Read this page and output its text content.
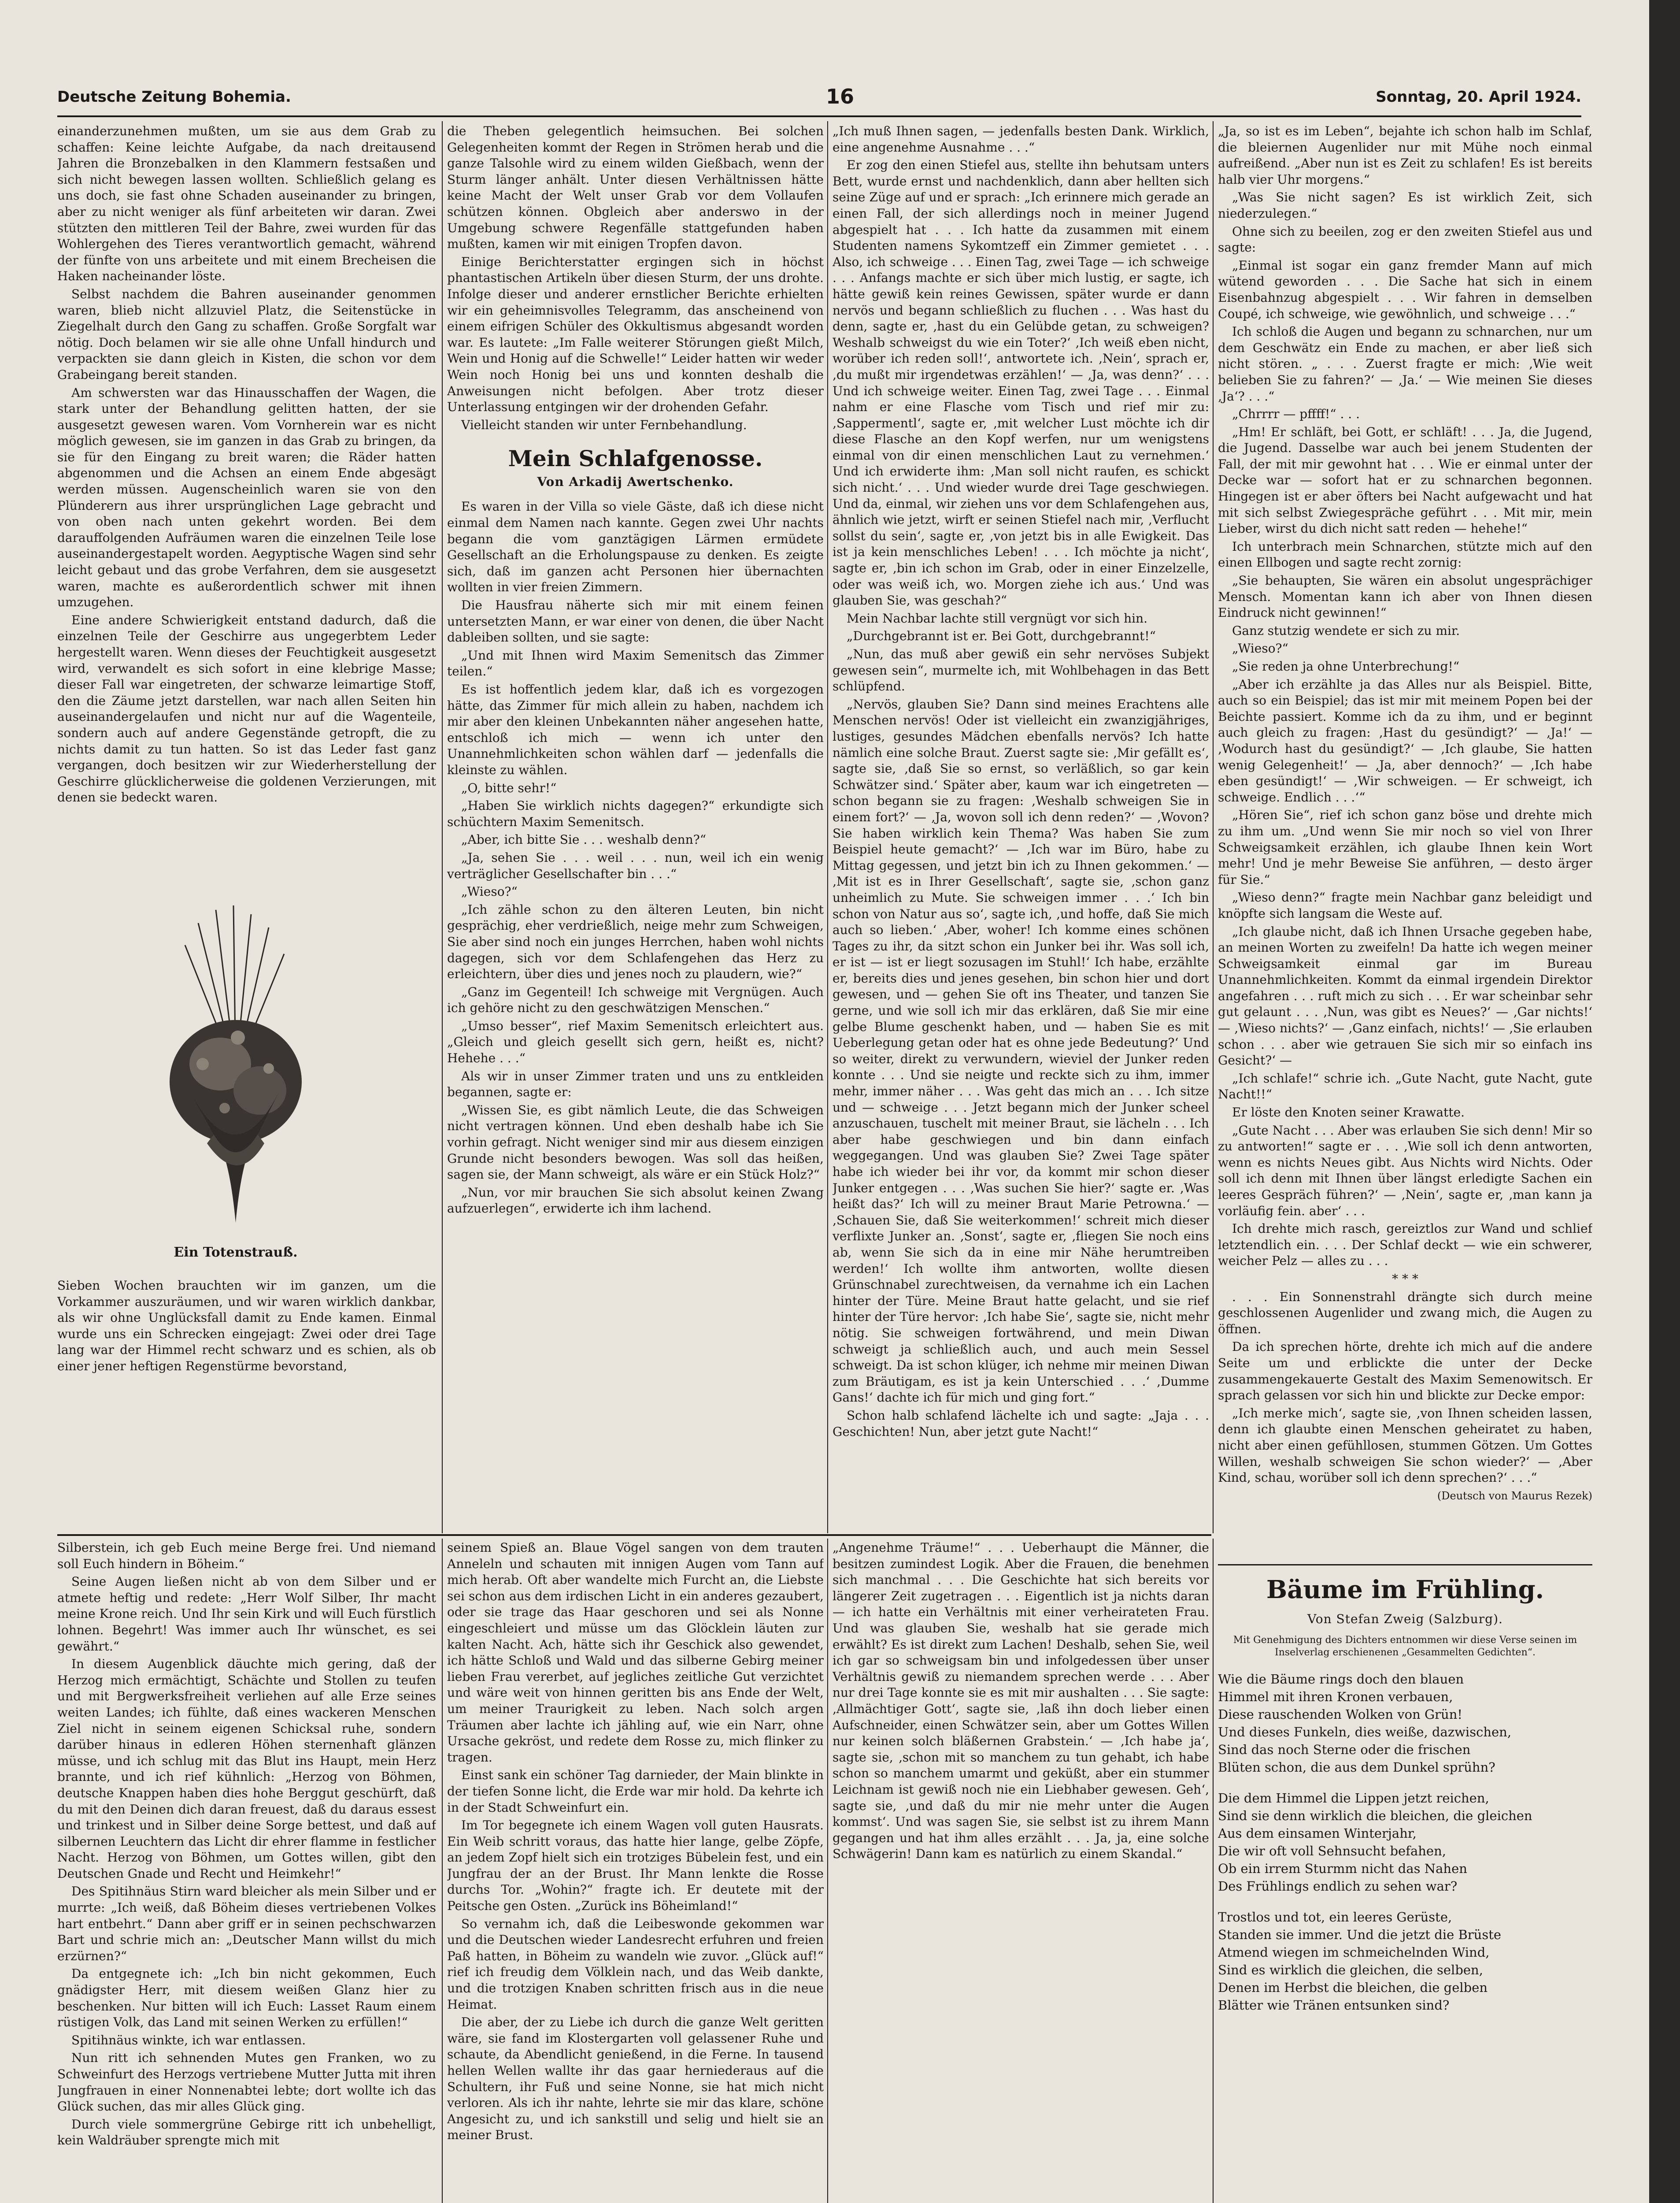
Deutsche Zeitung Bohemia.	16	Sonntag, 20. April 1924.

einanderzunehmen mußten, um sie aus dem Grab zu schaffen: Keine leichte Aufgabe, da nach dreitausend Jahren die Bronzebalken in den Klammern festsaßen und sich nicht bewegen lassen wollten. Schließlich gelang es uns doch, sie fast ohne Schaden auseinander zu bringen, aber zu nicht weniger als fünf arbeiteten wir daran. Zwei stützten den mittleren Teil der Bahre, zwei wurden für das Wohlergehen des Tieres verantwortlich gemacht, während der fünfte von uns arbeitete und mit einem Brecheisen die Haken nacheinander löste.

Selbst nachdem die Bahren auseinander genommen waren, blieb nicht allzuviel Platz, die Seitenstücke in Ziegelhalt durch den Gang zu schaffen. Große Sorgfalt war nötig. Doch belamen wir sie alle ohne Unfall hindurch und verpackten sie dann gleich in Kisten, die schon vor dem Grabeingang bereit standen.

Am schwersten war das Hinausschaffen der Wagen, die stark unter der Behandlung gelitten hatten, der sie ausgesetzt gewesen waren. Vom Vornherein war es nicht möglich gewesen, sie im ganzen in das Grab zu bringen, da sie für den Eingang zu breit waren; die Räder hatten abgenommen und die Achsen an einem Ende abgesägt werden müssen. Augenscheinlich waren sie von den Plünderern aus ihrer ursprünglichen Lage gebracht und von oben nach unten gekehrt worden. Bei dem darauffolgenden Aufräumen waren die einzelnen Teile lose auseinandergestapelt worden. Aegyptische Wagen sind sehr leicht gebaut und das grobe Verfahren, dem sie ausgesetzt waren, machte es außerordentlich schwer mit ihnen umzugehen.

Eine andere Schwierigkeit entstand dadurch, daß die einzelnen Teile der Geschirre aus ungegerbtem Leder hergestellt waren. Wenn dieses der Feuchtigkeit ausgesetzt wird, verwandelt es sich sofort in eine klebrige Masse; dieser Fall war eingetreten, der schwarze leimartige Stoff, den die Zäume jetzt darstellen, war nach allen Seiten hin auseinandergelaufen und nicht nur auf die Wagenteile, sondern auch auf andere Gegenstände getropft, die zu nichts damit zu tun hatten. So ist das Leder fast ganz vergangen, doch besitzen wir zur Wiederherstellung der Geschirre glücklicherweise die goldenen Verzierungen, mit denen sie bedeckt waren.

Ein Totenstrauß.

Sieben Wochen brauchten wir im ganzen, um die Vorkammer auszuräumen, und wir waren wirklich dankbar, als wir ohne Unglücksfall damit zu Ende kamen. Einmal wurde uns ein Schrecken eingejagt: Zwei oder drei Tage lang war der Himmel recht schwarz und es schien, als ob einer jener heftigen Regenstürme bevorstand,

die Theben gelegentlich heimsuchen. Bei solchen Gelegenheiten kommt der Regen in Strömen herab und die ganze Talsohle wird zu einem wilden Gießbach, wenn der Sturm länger anhält. Unter diesen Verhältnissen hätte keine Macht der Welt unser Grab vor dem Vollaufen schützen können. Obgleich aber anderswo in der Umgebung schwere Regenfälle stattgefunden haben mußten, kamen wir mit einigen Tropfen davon.

Einige Berichterstatter ergingen sich in höchst phantastischen Artikeln über diesen Sturm, der uns drohte. Infolge dieser und anderer ernstlicher Berichte erhielten wir ein geheimnisvolles Telegramm, das anscheinend von einem eifrigen Schüler des Okkultismus abgesandt worden war. Es lautete: „Im Falle weiterer Störungen gießt Milch, Wein und Honig auf die Schwelle!“ Leider hatten wir weder Wein noch Honig bei uns und konnten deshalb die Anweisungen nicht befolgen. Aber trotz dieser Unterlassung entgingen wir der drohenden Gefahr.

Vielleicht standen wir unter Fernbehandlung.

Mein Schlafgenosse.
Von Arkadij Awertschenko.

Es waren in der Villa so viele Gäste, daß ich diese nicht einmal dem Namen nach kannte. Gegen zwei Uhr nachts begann die vom ganztägigen Lärmen ermüdete Gesellschaft an die Erholungspause zu denken. Es zeigte sich, daß im ganzen acht Personen hier übernachten wollten in vier freien Zimmern.

Die Hausfrau näherte sich mir mit einem feinen untersetzten Mann, er war einer von denen, die über Nacht dableiben sollten, und sie sagte:

„Und mit Ihnen wird Maxim Semenitsch das Zimmer teilen.“

Es ist hoffentlich jedem klar, daß ich es vorgezogen hätte, das Zimmer für mich allein zu haben, nachdem ich mir aber den kleinen Unbekannten näher angesehen hatte, entschloß ich mich — wenn ich unter den Unannehmlichkeiten schon wählen darf — jedenfalls die kleinste zu wählen.

„O, bitte sehr!“

„Haben Sie wirklich nichts dagegen?“ erkundigte sich schüchtern Maxim Semenitsch.

„Aber, ich bitte Sie . . . weshalb denn?“

„Ja, sehen Sie . . . weil . . . nun, weil ich ein wenig verträglicher Gesellschafter bin . . .“

„Wieso?“

„Ich zähle schon zu den älteren Leuten, bin nicht gesprächig, eher verdrießlich, neige mehr zum Schweigen, Sie aber sind noch ein junges Herrchen, haben wohl nichts dagegen, sich vor dem Schlafengehen das Herz zu erleichtern, über dies und jenes noch zu plaudern, wie?“

„Ganz im Gegenteil! Ich schweige mit Vergnügen. Auch ich gehöre nicht zu den geschwätzigen Menschen.“

„Umso besser“, rief Maxim Semenitsch erleichtert aus. „Gleich und gleich gesellt sich gern, heißt es, nicht? Hehehe . . .“

Als wir in unser Zimmer traten und uns zu entkleiden begannen, sagte er:

„Wissen Sie, es gibt nämlich Leute, die das Schweigen nicht vertragen können. Und eben deshalb habe ich Sie vorhin gefragt. Nicht weniger sind mir aus diesem einzigen Grunde nicht besonders bewogen. Was soll das heißen, sagen sie, der Mann schweigt, als wäre er ein Stück Holz?“

„Nun, vor mir brauchen Sie sich absolut keinen Zwang aufzuerlegen“, erwiderte ich ihm lachend.

„Ich muß Ihnen sagen, — jedenfalls besten Dank. Wirklich, eine angenehme Ausnahme . . .“

Er zog den einen Stiefel aus, stellte ihn behutsam unters Bett, wurde ernst und nachdenklich, dann aber hellten sich seine Züge auf und er sprach: „Ich erinnere mich gerade an einen Fall, der sich allerdings noch in meiner Jugend abgespielt hat . . . Ich hatte da zusammen mit einem Studenten namens Sykomtzeff ein Zimmer gemietet . . . Also, ich schweige . . . Einen Tag, zwei Tage — ich schweige . . . Anfangs machte er sich über mich lustig, er sagte, ich hätte gewiß kein reines Gewissen, später wurde er dann nervös und begann schließlich zu fluchen . . . Was hast du denn, sagte er, ‚hast du ein Gelübde getan, zu schweigen? Weshalb schweigst du wie ein Toter?‘ ‚Ich weiß eben nicht, worüber ich reden soll!‘, antwortete ich. ‚Nein‘, sprach er, ‚du mußt mir irgendetwas erzählen!‘ — ‚Ja, was denn?‘ . . . Und ich schweige weiter. Einen Tag, zwei Tage . . . Einmal nahm er eine Flasche vom Tisch und rief mir zu: ‚Sappermentl‘, sagte er, ‚mit welcher Lust möchte ich dir diese Flasche an den Kopf werfen, nur um wenigstens einmal von dir einen menschlichen Laut zu vernehmen.‘ Und ich erwiderte ihm: ‚Man soll nicht raufen, es schickt sich nicht.‘ . . . Und wieder wurde drei Tage geschwiegen. Und da, einmal, wir ziehen uns vor dem Schlafengehen aus, ähnlich wie jetzt, wirft er seinen Stiefel nach mir, ‚Verflucht sollst du sein‘, sagte er, ‚von jetzt bis in alle Ewigkeit. Das ist ja kein menschliches Leben! . . . Ich möchte ja nicht‘, sagte er, ‚bin ich schon im Grab, oder in einer Einzelzelle, oder was weiß ich, wo. Morgen ziehe ich aus.‘ Und was glauben Sie, was geschah?“

Mein Nachbar lachte still vergnügt vor sich hin.

„Durchgebrannt ist er. Bei Gott, durchgebrannt!“

„Nun, das muß aber gewiß ein sehr nervöses Subjekt gewesen sein“, murmelte ich, mit Wohlbehagen in das Bett schlüpfend.

„Nervös, glauben Sie? Dann sind meines Erachtens alle Menschen nervös! Oder ist vielleicht ein zwanzigjähriges, lustiges, gesundes Mädchen ebenfalls nervös? Ich hatte nämlich eine solche Braut. Zuerst sagte sie: ‚Mir gefällt es‘, sagte sie, ‚daß Sie so ernst, so verläßlich, so gar kein Schwätzer sind.‘ Später aber, kaum war ich eingetreten — schon begann sie zu fragen: ‚Weshalb schweigen Sie in einem fort?‘ — ‚Ja, wovon soll ich denn reden?‘ — ‚Wovon? Sie haben wirklich kein Thema? Was haben Sie zum Beispiel heute gemacht?‘ — ‚Ich war im Büro, habe zu Mittag gegessen, und jetzt bin ich zu Ihnen gekommen.‘ — ‚Mit ist es in Ihrer Gesellschaft‘, sagte sie, ‚schon ganz unheimlich zu Mute. Sie schweigen immer . . .‘ Ich bin schon von Natur aus so‘, sagte ich, ‚und hoffe, daß Sie mich auch so lieben.‘ ‚Aber, woher! Ich komme eines schönen Tages zu ihr, da sitzt schon ein Junker bei ihr. Was soll ich, er ist — ist er liegt sozusagen im Stuhl!‘ Ich habe, erzählte er, bereits dies und jenes gesehen, bin schon hier und dort gewesen, und — gehen Sie oft ins Theater, und tanzen Sie gerne, und wie soll ich mir das erklären, daß Sie mir eine gelbe Blume geschenkt haben, und — haben Sie es mit Ueberlegung getan oder hat es ohne jede Bedeutung?‘ Und so weiter, direkt zu verwundern, wieviel der Junker reden konnte . . . Und sie neigte und reckte sich zu ihm, immer mehr, immer näher . . . Was geht das mich an . . . Ich sitze und — schweige . . . Jetzt begann mich der Junker scheel anzuschauen, tuschelt mit meiner Braut, sie lächeln . . . Ich aber habe geschwiegen und bin dann einfach weggegangen. Und was glauben Sie? Zwei Tage später habe ich wieder bei ihr vor, da kommt mir schon dieser Junker entgegen . . . ‚Was suchen Sie hier?‘ sagte er. ‚Was heißt das?‘ Ich will zu meiner Braut Marie Petrowna.‘ — ‚Schauen Sie, daß Sie weiterkommen!‘ schreit mich dieser verflixte Junker an. ‚Sonst‘, sagte er, ‚fliegen Sie noch eins ab, wenn Sie sich da in eine mir Nähe herumtreiben werden!‘ Ich wollte ihm antworten, wollte diesen Grünschnabel zurechtweisen, da vernahme ich ein Lachen hinter der Türe. Meine Braut hatte gelacht, und sie rief hinter der Türe hervor: ‚Ich habe Sie‘, sagte sie, nicht mehr nötig. Sie schweigen fortwährend, und mein Diwan schweigt ja schließlich auch, und auch mein Sessel schweigt. Da ist schon klüger, ich nehme mir meinen Diwan zum Bräutigam, es ist ja kein Unterschied . . .‘ ‚Dumme Gans!‘ dachte ich für mich und ging fort.“

Schon halb schlafend lächelte ich und sagte: „Jaja . . . Geschichten! Nun, aber jetzt gute Nacht!“

„Ja, so ist es im Leben“, bejahte ich schon halb im Schlaf, die bleiernen Augenlider nur mit Mühe noch einmal aufreißend. „Aber nun ist es Zeit zu schlafen! Es ist bereits halb vier Uhr morgens.“

„Was Sie nicht sagen? Es ist wirklich Zeit, sich niederzulegen.“

Ohne sich zu beeilen, zog er den zweiten Stiefel aus und sagte:

„Einmal ist sogar ein ganz fremder Mann auf mich wütend geworden . . . Die Sache hat sich in einem Eisenbahnzug abgespielt . . . Wir fahren in demselben Coupé, ich schweige, wie gewöhnlich, und schweige . . .“

Ich schloß die Augen und begann zu schnarchen, nur um dem Geschwätz ein Ende zu machen, er aber ließ sich nicht stören. „ . . . Zuerst fragte er mich: ‚Wie weit belieben Sie zu fahren?‘ — ‚Ja.‘ — Wie meinen Sie dieses ‚Ja‘? . . .“

„Chrrrr — pffff!“ . . .

„Hm! Er schläft, bei Gott, er schläft! . . . Ja, die Jugend, die Jugend. Dasselbe war auch bei jenem Studenten der Fall, der mit mir gewohnt hat . . . Wie er einmal unter der Decke war — sofort hat er zu schnarchen begonnen. Hingegen ist er aber öfters bei Nacht aufgewacht und hat mit sich selbst Zwiegespräche geführt . . . Mit mir, mein Lieber, wirst du dich nicht satt reden — hehehe!“

Ich unterbrach mein Schnarchen, stützte mich auf den einen Ellbogen und sagte recht zornig:

„Sie behaupten, Sie wären ein absolut ungesprächiger Mensch. Momentan kann ich aber von Ihnen diesen Eindruck nicht gewinnen!“

Ganz stutzig wendete er sich zu mir.

„Wieso?“

„Sie reden ja ohne Unterbrechung!“

„Aber ich erzählte ja das Alles nur als Beispiel. Bitte, auch so ein Beispiel; das ist mir mit meinem Popen bei der Beichte passiert. Komme ich da zu ihm, und er beginnt auch gleich zu fragen: ‚Hast du gesündigt?‘ — ‚Ja!‘ — ‚Wodurch hast du gesündigt?‘ — ‚Ich glaube, Sie hatten wenig Gelegenheit!‘ — ‚Ja, aber dennoch?‘ — ‚Ich habe eben gesündigt!‘ — ‚Wir schweigen. — Er schweigt, ich schweige. Endlich . . .‘“

„Hören Sie“, rief ich schon ganz böse und drehte mich zu ihm um. „Und wenn Sie mir noch so viel von Ihrer Schweigsamkeit erzählen, ich glaube Ihnen kein Wort mehr! Und je mehr Beweise Sie anführen, — desto ärger für Sie.“

„Wieso denn?“ fragte mein Nachbar ganz beleidigt und knöpfte sich langsam die Weste auf.

„Ich glaube nicht, daß ich Ihnen Ursache gegeben habe, an meinen Worten zu zweifeln! Da hatte ich wegen meiner Schweigsamkeit einmal gar im Bureau Unannehmlichkeiten. Kommt da einmal irgendein Direktor angefahren . . . ruft mich zu sich . . . Er war scheinbar sehr gut gelaunt . . . ‚Nun, was gibt es Neues?‘ — ‚Gar nichts!‘ — ‚Wieso nichts?‘ — ‚Ganz einfach, nichts!‘ — ‚Sie erlauben schon . . . aber wie getrauen Sie sich mir so einfach ins Gesicht?‘ —

„Ich schlafe!“ schrie ich. „Gute Nacht, gute Nacht, gute Nacht!!“

Er löste den Knoten seiner Krawatte.

„Gute Nacht . . . Aber was erlauben Sie sich denn! Mir so zu antworten!“ sagte er . . . ‚Wie soll ich denn antworten, wenn es nichts Neues gibt. Aus Nichts wird Nichts. Oder soll ich denn mit Ihnen über längst erledigte Sachen ein leeres Gespräch führen?‘ — ‚Nein‘, sagte er, ‚man kann ja vorläufig fein. aber‘ . . .

Ich drehte mich rasch, gereiztlos zur Wand und schlief letztendlich ein. . . . Der Schlaf deckt — wie ein schwerer, weicher Pelz — alles zu . . .

* * *

. . . Ein Sonnenstrahl drängte sich durch meine geschlossenen Augenlider und zwang mich, die Augen zu öffnen.

Da ich sprechen hörte, drehte ich mich auf die andere Seite um und erblickte die unter der Decke zusammengekauerte Gestalt des Maxim Semenowitsch. Er sprach gelassen vor sich hin und blickte zur Decke empor:

„Ich merke mich‘, sagte sie, ‚von Ihnen scheiden lassen, denn ich glaubte einen Menschen geheiratet zu haben, nicht aber einen gefühllosen, stummen Götzen. Um Gottes Willen, weshalb schweigen Sie schon wieder?‘ — ‚Aber Kind, schau, worüber soll ich denn sprechen?‘ . . .“

(Deutsch von Maurus Rezek)

Silberstein, ich geb Euch meine Berge frei. Und niemand soll Euch hindern in Böheim.“

Seine Augen ließen nicht ab von dem Silber und er atmete heftig und redete: „Herr Wolf Silber, Ihr macht meine Krone reich. Und Ihr sein Kirk und will Euch fürstlich lohnen. Begehrt! Was immer auch Ihr wünschet, es sei gewährt.“

In diesem Augenblick däuchte mich gering, daß der Herzog mich ermächtigt, Schächte und Stollen zu teufen und mit Bergwerksfreiheit verliehen auf alle Erze seines weiten Landes; ich fühlte, daß eines wackeren Menschen Ziel nicht in seinem eigenen Schicksal ruhe, sondern darüber hinaus in edleren Höhen sternenhaft glänzen müsse, und ich schlug mit das Blut ins Haupt, mein Herz brannte, und ich rief kühnlich: „Herzog von Böhmen, deutsche Knappen haben dies hohe Berggut geschürft, daß du mit den Deinen dich daran freuest, daß du daraus essest und trinkest und in Silber deine Sorge bettest, und daß auf silbernen Leuchtern das Licht dir ehrer flamme in festlicher Nacht. Herzog von Böhmen, um Gottes willen, gibt den Deutschen Gnade und Recht und Heimkehr!“

Des Spitihnäus Stirn ward bleicher als mein Silber und er murrte: „Ich weiß, daß Böheim dieses vertriebenen Volkes hart entbehrt.“ Dann aber griff er in seinen pechschwarzen Bart und schrie mich an: „Deutscher Mann willst du mich erzürnen?“

Da entgegnete ich: „Ich bin nicht gekommen, Euch gnädigster Herr, mit diesem weißen Glanz hier zu beschenken. Nur bitten will ich Euch: Lasset Raum einem rüstigen Volk, das Land mit seinen Werken zu erfüllen!“

Spitihnäus winkte, ich war entlassen.

Nun ritt ich sehnenden Mutes gen Franken, wo zu Schweinfurt des Herzogs vertriebene Mutter Jutta mit ihren Jungfrauen in einer Nonnenabtei lebte; dort wollte ich das Glück suchen, das mir alles Glück ging.

Durch viele sommergrüne Gebirge ritt ich unbehelligt, kein Waldräuber sprengte mich mit

seinem Spieß an. Blaue Vögel sangen von dem trauten Anneleln und schauten mit innigen Augen vom Tann auf mich herab. Oft aber wandelte mich Furcht an, die Liebste sei schon aus dem irdischen Licht in ein anderes gezaubert, oder sie trage das Haar geschoren und sei als Nonne eingeschleiert und müsse um das Glöcklein läuten zur kalten Nacht. Ach, hätte sich ihr Geschick also gewendet, ich hätte Schloß und Wald und das silberne Gebirg meiner lieben Frau vererbet, auf jegliches zeitliche Gut verzichtet und wäre weit von hinnen geritten bis ans Ende der Welt, um meiner Traurigkeit zu leben. Nach solch argen Träumen aber lachte ich jähling auf, wie ein Narr, ohne Ursache gekröst, und redete dem Rosse zu, mich flinker zu tragen.

Einst sank ein schöner Tag darnieder, der Main blinkte in der tiefen Sonne licht, die Erde war mir hold. Da kehrte ich in der Stadt Schweinfurt ein.

Im Tor begegnete ich einem Wagen voll guten Hausrats. Ein Weib schritt voraus, das hatte hier lange, gelbe Zöpfe, an jedem Zopf hielt sich ein trotziges Bübelein fest, und ein Jungfrau der an der Brust. Ihr Mann lenkte die Rosse durchs Tor. „Wohin?“ fragte ich. Er deutete mit der Peitsche gen Osten. „Zurück ins Böheimland!“

So vernahm ich, daß die Leibeswonde gekommen war und die Deutschen wieder Landesrecht erfuhren und freien Paß hatten, in Böheim zu wandeln wie zuvor. „Glück auf!“ rief ich freudig dem Völklein nach, und das Weib dankte, und die trotzigen Knaben schritten frisch aus in die neue Heimat.

Die aber, der zu Liebe ich durch die ganze Welt geritten wäre, sie fand im Klostergarten voll gelassener Ruhe und schaute, da Abendlicht genießend, in die Ferne. In tausend hellen Wellen wallte ihr das gaar herniederaus auf die Schultern, ihr Fuß und seine Nonne, sie hat mich nicht verloren. Als ich ihr nahte, lehrte sie mir das klare, schöne Angesicht zu, und ich sankstill und selig und hielt sie an meiner Brust.

„Angenehme Träume!“ . . . Ueberhaupt die Männer, die besitzen zumindest Logik. Aber die Frauen, die benehmen sich manchmal . . . Die Geschichte hat sich bereits vor längerer Zeit zugetragen . . . Eigentlich ist ja nichts daran — ich hatte ein Verhältnis mit einer verheirateten Frau. Und was glauben Sie, weshalb hat sie gerade mich erwählt? Es ist direkt zum Lachen! Deshalb, sehen Sie, weil ich gar so schweigsam bin und infolgedessen über unser Verhältnis gewiß zu niemandem sprechen werde . . . Aber nur drei Tage konnte sie es mit mir aushalten . . . Sie sagte: ‚Allmächtiger Gott‘, sagte sie, ‚laß ihn doch lieber einen Aufschneider, einen Schwätzer sein, aber um Gottes Willen nur keinen solch bläßernen Grabstein.‘ — ‚Ich habe ja‘, sagte sie, ‚schon mit so manchem zu tun gehabt, ich habe schon so manchem umarmt und geküßt, aber ein stummer Leichnam ist gewiß noch nie ein Liebhaber gewesen. Geh‘, sagte sie, ‚und daß du mir nie mehr unter die Augen kommst‘. Und was sagen Sie, sie selbst ist zu ihrem Mann gegangen und hat ihm alles erzählt . . . Ja, ja, eine solche Schwägerin! Dann kam es natürlich zu einem Skandal.“

Bäume im Frühling.
Von Stefan Zweig (Salzburg).
Mit Genehmigung des Dichters entnommen wir diese Verse seinen im Inselverlag erschienenen „Gesammelten Gedichten“.
Wie die Bäume rings doch den blauen
Himmel mit ihren Kronen verbauen,
Diese rauschenden Wolken von Grün!
Und dieses Funkeln, dies weiße, dazwischen,
Sind das noch Sterne oder die frischen
Blüten schon, die aus dem Dunkel sprühn?
Die dem Himmel die Lippen jetzt reichen,
Sind sie denn wirklich die bleichen, die gleichen
Aus dem einsamen Winterjahr,
Die wir oft voll Sehnsucht befahen,
Ob ein irrem Sturmm nicht das Nahen
Des Frühlings endlich zu sehen war?
Trostlos und tot, ein leeres Gerüste,
Standen sie immer. Und die jetzt die Brüste
Atmend wiegen im schmeichelnden Wind,
Sind es wirklich die gleichen, die selben,
Denen im Herbst die bleichen, die gelben
Blätter wie Tränen entsunken sind?
